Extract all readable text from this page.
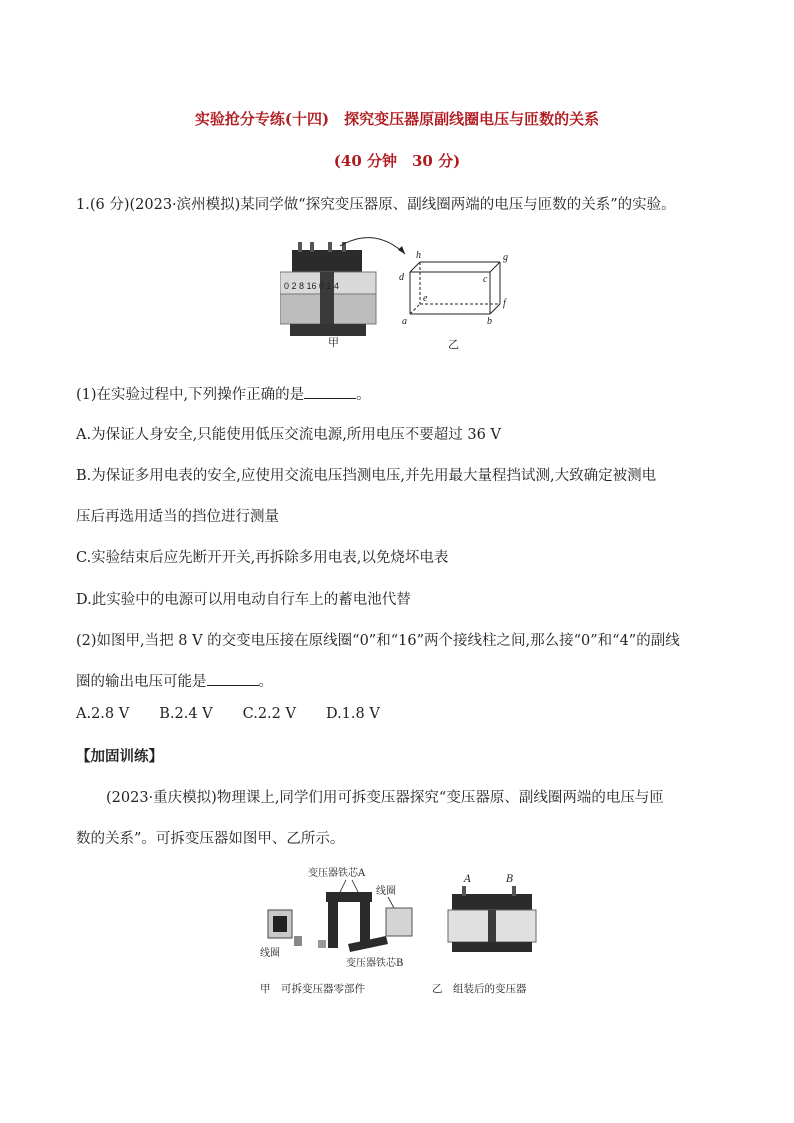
实验抢分专练(十四)　探究变压器原副线圈电压与匝数的关系
(40 分钟　30 分)
1.(6 分)(2023·滨州模拟)某同学做“探究变压器原、副线圈两端的电压与匝数的关系”的实验。
0 2 8 16 0 1 4
h	g
d	c
e	f
a	b
甲	乙
(1)在实验过程中,下列操作正确的是	。
A.为保证人身安全,只能使用低压交流电源,所用电压不要超过 36 V
B.为保证多用电表的安全,应使用交流电压挡测电压,并先用最大量程挡试测,大致确定被测电
压后再选用适当的挡位进行测量
C.实验结束后应先断开开关,再拆除多用电表,以免烧坏电表
D.此实验中的电源可以用电动自行车上的蓄电池代替
(2)如图甲,当把 8 V 的交变电压接在原线圈“0”和“16”两个接线柱之间,那么接“0”和“4”的副线
圈的输出电压可能是	。
A.2.8 V B.2.4 V C.2.2 V D.1.8 V
【加固训练】
(2023·重庆模拟)物理课上,同学们用可拆变压器探究“变压器原、副线圈两端的电压与匝
数的关系”。可拆变压器如图甲、乙所示。
变压器铁芯A
线圈
线圈
变压器铁芯B
A	B
甲　可拆变压器零部件	乙　组装后的变压器
